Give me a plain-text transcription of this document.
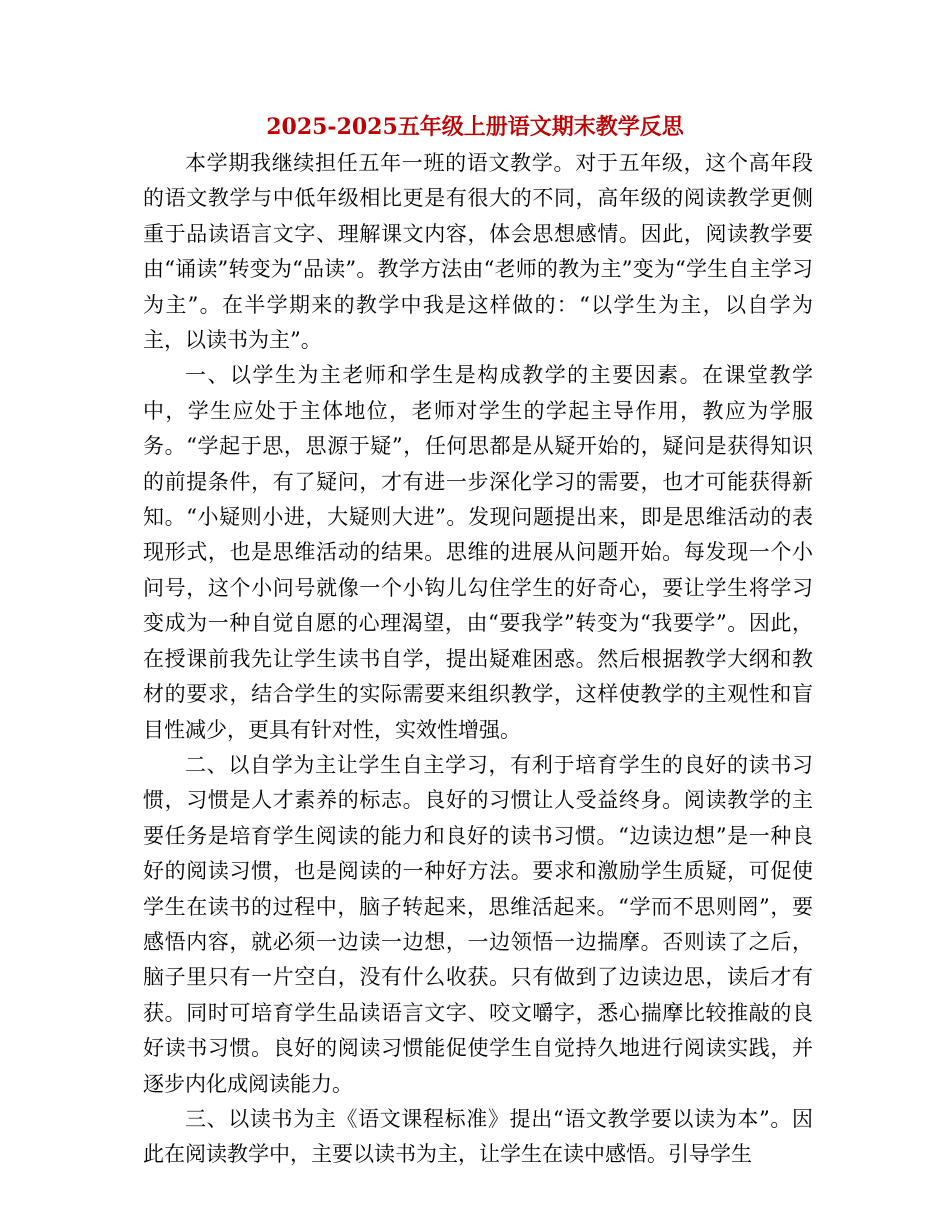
2025-2025五年级上册语文期末教学反思

本学期我继续担任五年一班的语文教学。对于五年级，这个高年段的语文教学与中低年级相比更是有很大的不同，高年级的阅读教学更侧重于品读语言文字、理解课文内容，体会思想感情。因此，阅读教学要由“诵读”转变为“品读”。教学方法由“老师的教为主”变为“学生自主学习为主”。在半学期来的教学中我是这样做的：“以学生为主，以自学为主，以读书为主”。

一、以学生为主老师和学生是构成教学的主要因素。在课堂教学中，学生应处于主体地位，老师对学生的学起主导作用，教应为学服务。“学起于思，思源于疑”，任何思都是从疑开始的，疑问是获得知识的前提条件，有了疑问，才有进一步深化学习的需要，也才可能获得新知。“小疑则小进，大疑则大进”。发现问题提出来，即是思维活动的表现形式，也是思维活动的结果。思维的进展从问题开始。每发现一个小问号，这个小问号就像一个小钩儿勾住学生的好奇心，要让学生将学习变成为一种自觉自愿的心理渴望，由“要我学”转变为“我要学”。因此，在授课前我先让学生读书自学，提出疑难困惑。然后根据教学大纲和教材的要求，结合学生的实际需要来组织教学，这样使教学的主观性和盲目性减少，更具有针对性，实效性增强。

二、以自学为主让学生自主学习，有利于培育学生的良好的读书习惯，习惯是人才素养的标志。良好的习惯让人受益终身。阅读教学的主要任务是培育学生阅读的能力和良好的读书习惯。“边读边想”是一种良好的阅读习惯，也是阅读的一种好方法。要求和激励学生质疑，可促使学生在读书的过程中，脑子转起来，思维活起来。“学而不思则罔”，要感悟内容，就必须一边读一边想，一边领悟一边揣摩。否则读了之后，脑子里只有一片空白，没有什么收获。只有做到了边读边思，读后才有获。同时可培育学生品读语言文字、咬文嚼字，悉心揣摩比较推敲的良好读书习惯。良好的阅读习惯能促使学生自觉持久地进行阅读实践，并逐步内化成阅读能力。

三、以读书为主《语文课程标准》提出“语文教学要以读为本”。因此在阅读教学中，主要以读书为主，让学生在读中感悟。引导学生
